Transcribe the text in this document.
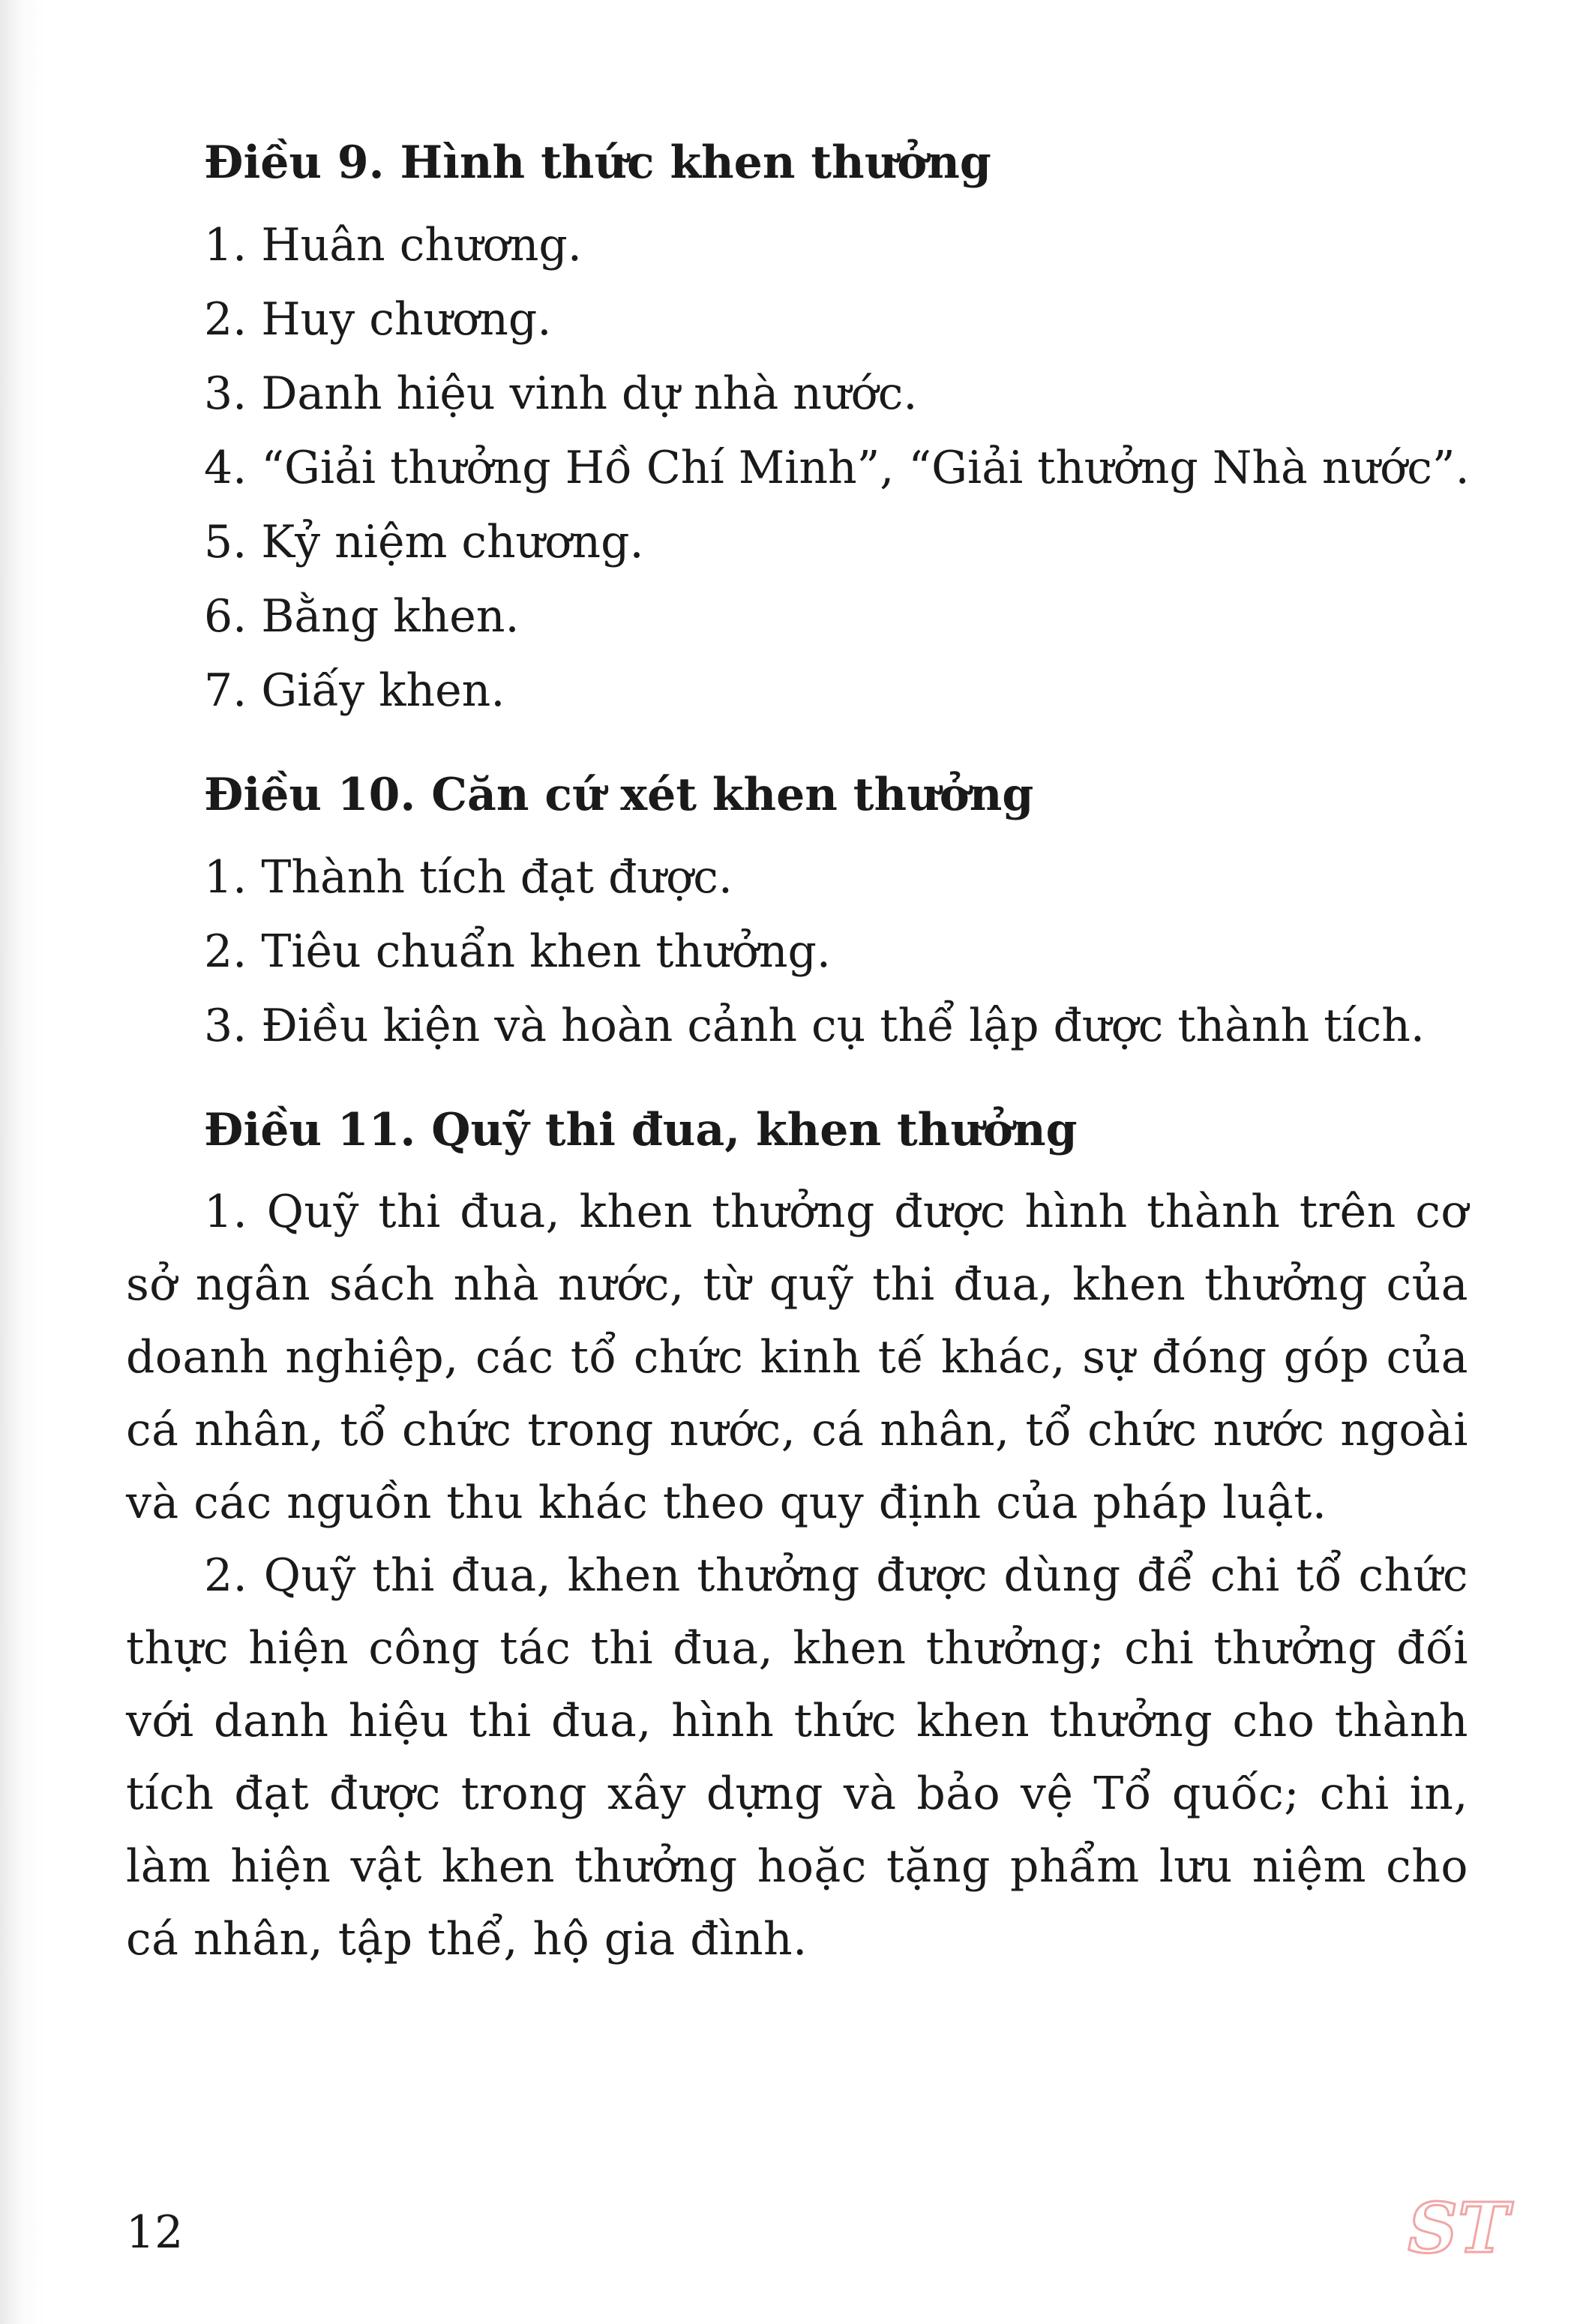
Điều 9. Hình thức khen thưởng
1. Huân chương.
2. Huy chương.
3. Danh hiệu vinh dự nhà nước.
4. “Giải thưởng Hồ Chí Minh”, “Giải thưởng Nhà nước”.
5. Kỷ niệm chương.
6. Bằng khen.
7. Giấy khen.
Điều 10. Căn cứ xét khen thưởng
1. Thành tích đạt được.
2. Tiêu chuẩn khen thưởng.
3. Điều kiện và hoàn cảnh cụ thể lập được thành tích.
Điều 11. Quỹ thi đua, khen thưởng

1. Quỹ thi đua, khen thưởng được hình thành trên cơ sở ngân sách nhà nước, từ quỹ thi đua, khen thưởng của doanh nghiệp, các tổ chức kinh tế khác, sự đóng góp của cá nhân, tổ chức trong nước, cá nhân, tổ chức nước ngoài và các nguồn thu khác theo quy định của pháp luật.

2. Quỹ thi đua, khen thưởng được dùng để chi tổ chức thực hiện công tác thi đua, khen thưởng; chi thưởng đối với danh hiệu thi đua, hình thức khen thưởng cho thành tích đạt được trong xây dựng và bảo vệ Tổ quốc; chi in, làm hiện vật khen thưởng hoặc tặng phẩm lưu niệm cho cá nhân, tập thể, hộ gia đình.

12	ST
